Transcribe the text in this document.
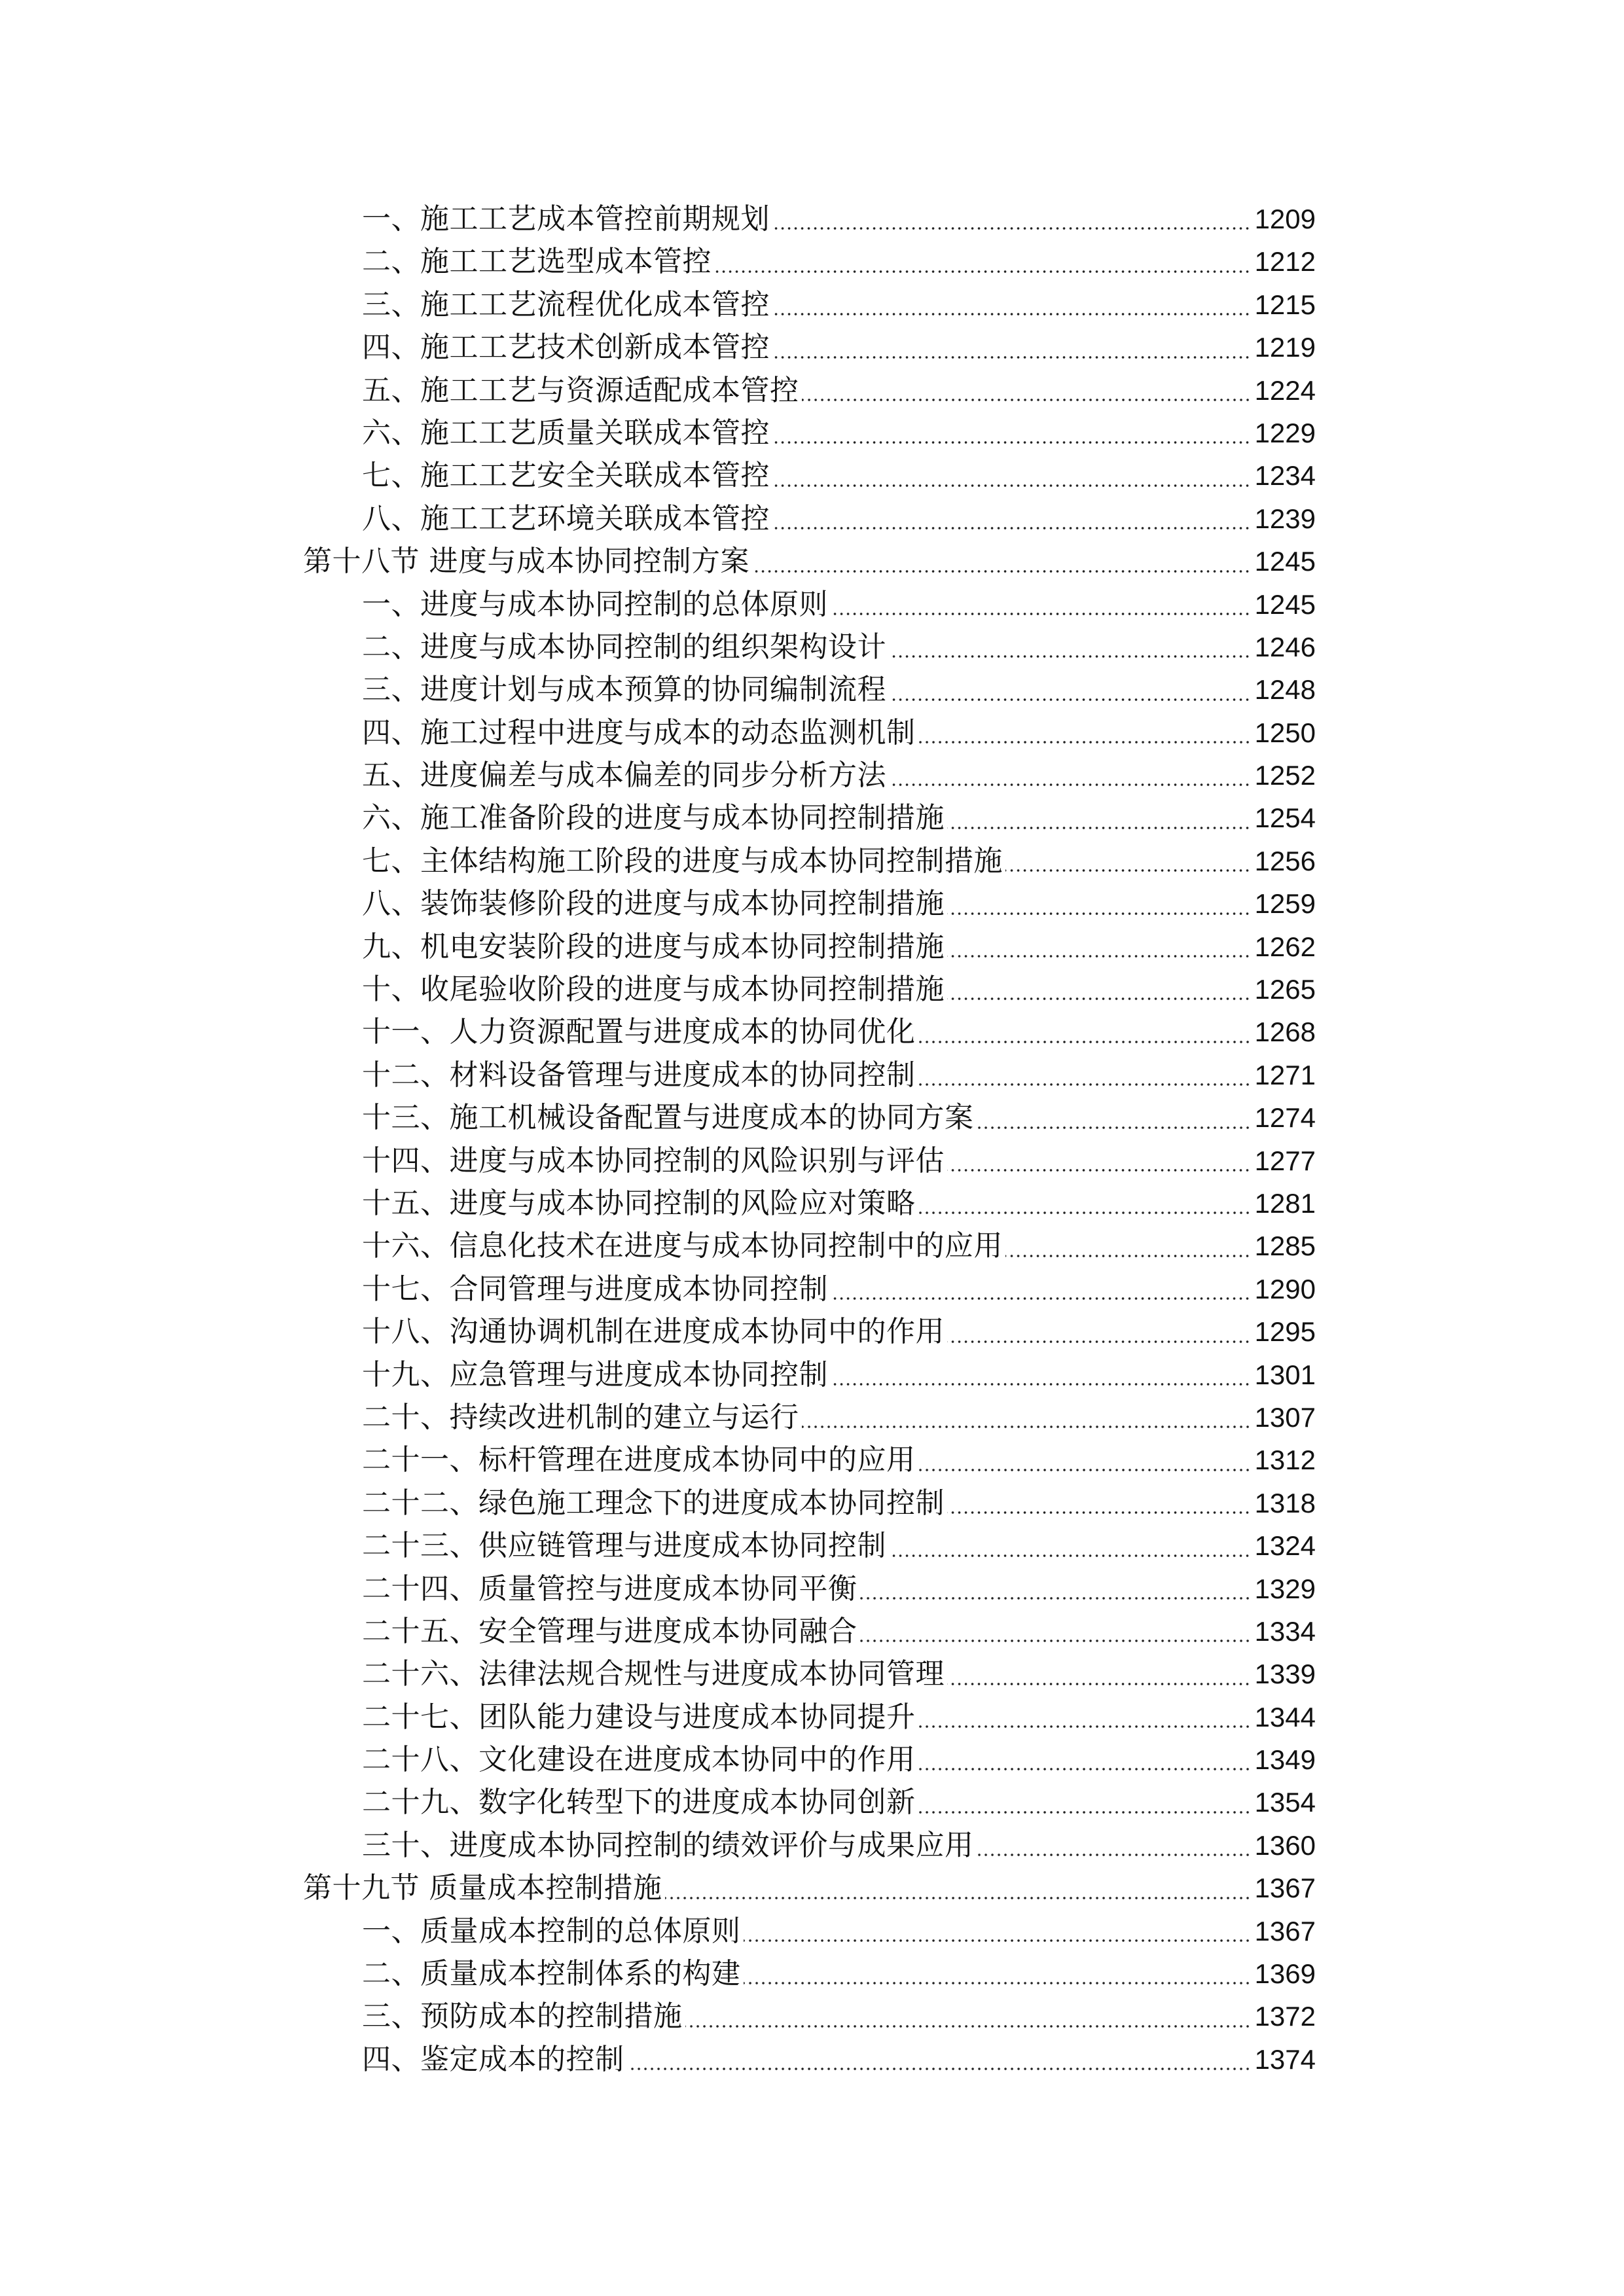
一、施工工艺成本管控前期规划	1209
二、施工工艺选型成本管控	1212
三、施工工艺流程优化成本管控	1215
四、施工工艺技术创新成本管控	1219
五、施工工艺与资源适配成本管控	1224
六、施工工艺质量关联成本管控	1229
七、施工工艺安全关联成本管控	1234
八、施工工艺环境关联成本管控	1239
第十八节 进度与成本协同控制方案	1245
一、进度与成本协同控制的总体原则	1245
二、进度与成本协同控制的组织架构设计	1246
三、进度计划与成本预算的协同编制流程	1248
四、施工过程中进度与成本的动态监测机制	1250
五、进度偏差与成本偏差的同步分析方法	1252
六、施工准备阶段的进度与成本协同控制措施	1254
七、主体结构施工阶段的进度与成本协同控制措施	1256
八、装饰装修阶段的进度与成本协同控制措施	1259
九、机电安装阶段的进度与成本协同控制措施	1262
十、收尾验收阶段的进度与成本协同控制措施	1265
十一、人力资源配置与进度成本的协同优化	1268
十二、材料设备管理与进度成本的协同控制	1271
十三、施工机械设备配置与进度成本的协同方案	1274
十四、进度与成本协同控制的风险识别与评估	1277
十五、进度与成本协同控制的风险应对策略	1281
十六、信息化技术在进度与成本协同控制中的应用	1285
十七、合同管理与进度成本协同控制	1290
十八、沟通协调机制在进度成本协同中的作用	1295
十九、应急管理与进度成本协同控制	1301
二十、持续改进机制的建立与运行	1307
二十一、标杆管理在进度成本协同中的应用	1312
二十二、绿色施工理念下的进度成本协同控制	1318
二十三、供应链管理与进度成本协同控制	1324
二十四、质量管控与进度成本协同平衡	1329
二十五、安全管理与进度成本协同融合	1334
二十六、法律法规合规性与进度成本协同管理	1339
二十七、团队能力建设与进度成本协同提升	1344
二十八、文化建设在进度成本协同中的作用	1349
二十九、数字化转型下的进度成本协同创新	1354
三十、进度成本协同控制的绩效评价与成果应用	1360
第十九节 质量成本控制措施	1367
一、质量成本控制的总体原则	1367
二、质量成本控制体系的构建	1369
三、预防成本的控制措施	1372
四、鉴定成本的控制	1374
